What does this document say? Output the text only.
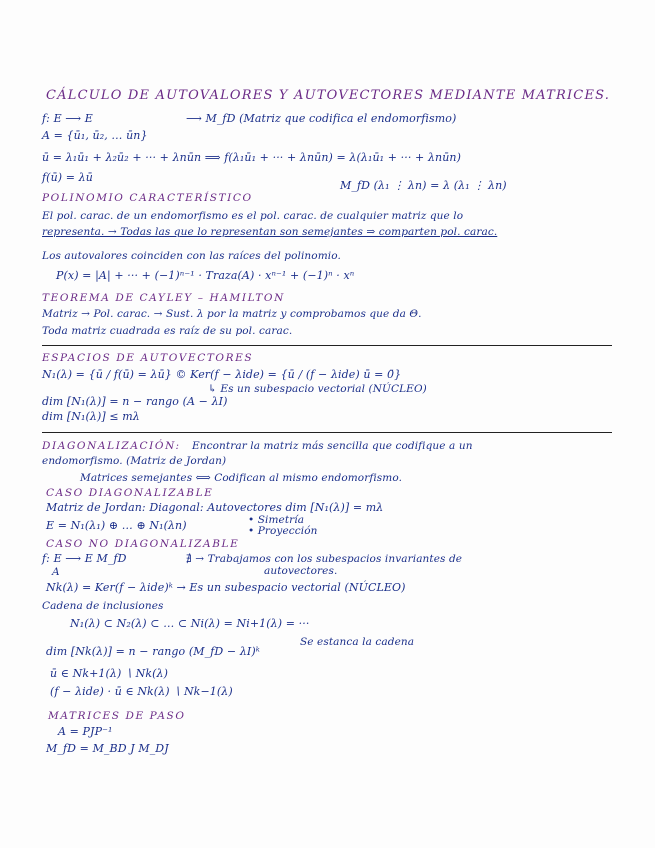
CÁLCULO DE AUTOVALORES Y AUTOVECTORES MEDIANTE MATRICES.
f: E ⟶ E	⟶ M_fD (Matriz que codifica el endomorfismo)
A = {ū₁, ū₂, … ūn}
ū = λ₁ū₁ + λ₂ū₂ + ··· + λnūn ⟹ f(λ₁ū₁ + ··· + λnūn) = λ(λ₁ū₁ + ··· + λnūn)
f(ū) = λū
M_fD (λ₁ ⋮ λn) = λ (λ₁ ⋮ λn)
POLINOMIO CARACTERÍSTICO
El pol. carac. de un endomorfismo es el pol. carac. de cualquier matriz que lo
representa. → Todas las que lo representan son semejantes ⇒ comparten pol. carac.
Los autovalores coinciden con las raíces del polinomio.
P(x) = |A| + ··· + (−1)ⁿ⁻¹ · Traza(A) · xⁿ⁻¹ + (−1)ⁿ · xⁿ
TEOREMA DE CAYLEY – HAMILTON
Matriz → Pol. carac. → Sust. λ por la matriz y comprobamos que da Θ.
Toda matriz cuadrada es raíz de su pol. carac.
ESPACIOS DE AUTOVECTORES
N₁(λ) = {ū / f(ū) = λū} © Ker(f − λide) = {ū / (f − λide) ū = 0̄}
↳ Es un subespacio vectorial (NÚCLEO)
dim [N₁(λ)] = n − rango (A − λI)
dim [N₁(λ)] ≤ mλ
DIAGONALIZACIÓN: Encontrar la matriz más sencilla que codifique a un
endomorfismo. (Matriz de Jordan)
Matrices semejantes ⟺ Codifican al mismo endomorfismo.
CASO DIAGONALIZABLE
Matriz de Jordan: Diagonal: Autovectores dim [N₁(λ)] = mλ
• Simetría
E = N₁(λ₁) ⊕ … ⊕ N₁(λn)	• Proyección
CASO NO DIAGONALIZABLE
f: E ⟶ E M_fD	∄ → Trabajamos con los subespacios invariantes de
A	autovectores.
Nk(λ) = Ker(f − λide)ᵏ → Es un subespacio vectorial (NÚCLEO)
Cadena de inclusiones
N₁(λ) ⊂ N₂(λ) ⊂ … ⊂ Ni(λ) = Ni+1(λ) = ···
dim [Nk(λ)] = n − rango (M_fD − λI)ᵏ
Se estanca la cadena
ū ∈ Nk+1(λ) ∖ Nk(λ)
(f − λide) · ū ∈ Nk(λ) ∖ Nk−1(λ)
MATRICES DE PASO
A = PJP⁻¹
M_fD = M_BD J M_DJ
